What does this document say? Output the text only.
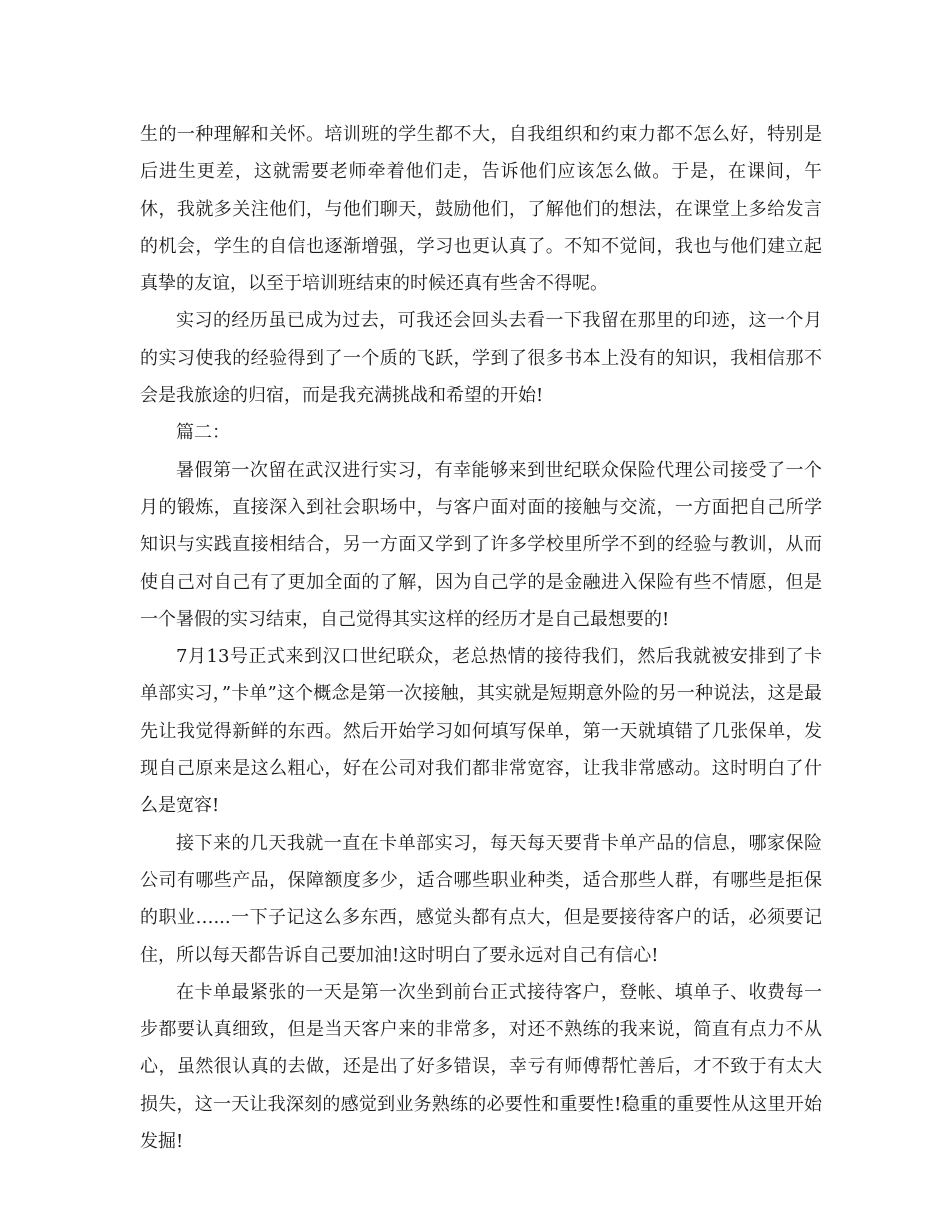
生的一种理解和关怀。培训班的学生都不大，自我组织和约束力都不怎么好，特别是后进生更差，这就需要老师牵着他们走，告诉他们应该怎么做。于是，在课间，午休，我就多关注他们，与他们聊天，鼓励他们，了解他们的想法，在课堂上多给发言的机会，学生的自信也逐渐增强，学习也更认真了。不知不觉间，我也与他们建立起真挚的友谊，以至于培训班结束的时候还真有些舍不得呢。

实习的经历虽已成为过去，可我还会回头去看一下我留在那里的印迹，这一个月的实习使我的经验得到了一个质的飞跃，学到了很多书本上没有的知识，我相信那不会是我旅途的归宿，而是我充满挑战和希望的开始!

篇二：

暑假第一次留在武汉进行实习，有幸能够来到世纪联众保险代理公司接受了一个月的锻炼，直接深入到社会职场中，与客户面对面的接触与交流，一方面把自己所学知识与实践直接相结合，另一方面又学到了许多学校里所学不到的经验与教训，从而使自己对自己有了更加全面的了解，因为自己学的是金融进入保险有些不情愿，但是一个暑假的实习结束，自己觉得其实这样的经历才是自己最想要的!

7月13号正式来到汉口世纪联众，老总热情的接待我们，然后我就被安排到了卡单部实习，”卡单”这个概念是第一次接触，其实就是短期意外险的另一种说法，这是最先让我觉得新鲜的东西。然后开始学习如何填写保单，第一天就填错了几张保单，发现自己原来是这么粗心，好在公司对我们都非常宽容，让我非常感动。这时明白了什么是宽容!

接下来的几天我就一直在卡单部实习，每天每天要背卡单产品的信息，哪家保险公司有哪些产品，保障额度多少，适合哪些职业种类，适合那些人群，有哪些是拒保的职业…...一下子记这么多东西，感觉头都有点大，但是要接待客户的话，必须要记住，所以每天都告诉自己要加油!这时明白了要永远对自己有信心!

在卡单最紧张的一天是第一次坐到前台正式接待客户，登帐、填单子、收费每一步都要认真细致，但是当天客户来的非常多，对还不熟练的我来说，简直有点力不从心，虽然很认真的去做，还是出了好多错误，幸亏有师傅帮忙善后，才不致于有太大损失，这一天让我深刻的感觉到业务熟练的必要性和重要性!稳重的重要性从这里开始发掘!
